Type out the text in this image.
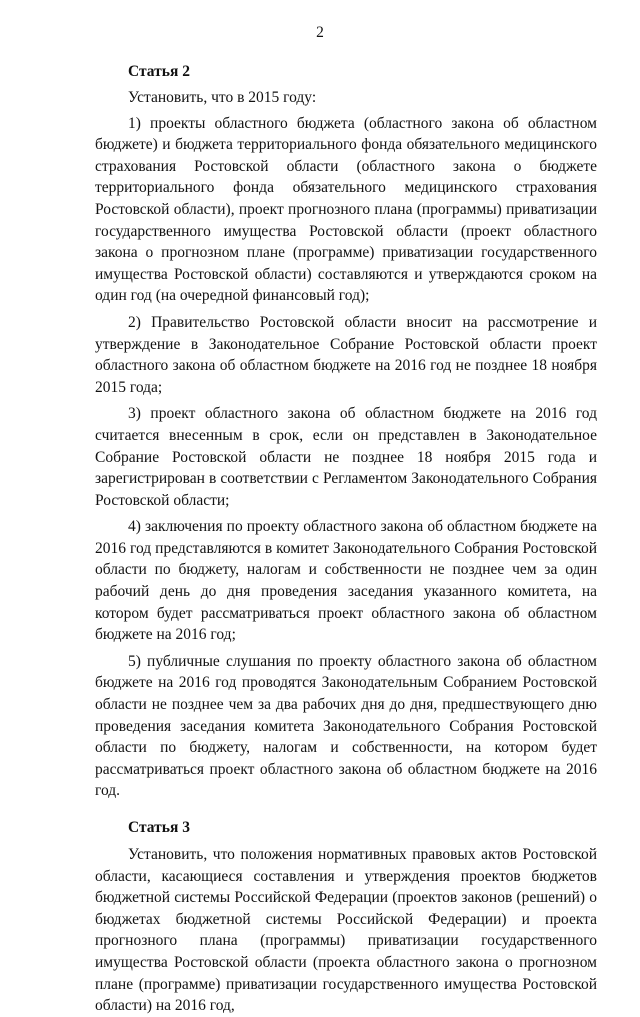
2
Статья 2
Установить, что в 2015 году:
1) проекты областного бюджета (областного закона об областном бюджете) и бюджета территориального фонда обязательного медицинского страхования Ростовской области (областного закона о бюджете территориального фонда обязательного медицинского страхования Ростовской области), проект прогнозного плана (программы) приватизации государственного имущества Ростовской области (проект областного закона о прогнозном плане (программе) приватизации государственного имущества Ростовской области) составляются и утверждаются сроком на один год (на очередной финансовый год);
2) Правительство Ростовской области вносит на рассмотрение и утверждение в Законодательное Собрание Ростовской области проект областного закона об областном бюджете на 2016 год не позднее 18 ноября 2015 года;
3) проект областного закона об областном бюджете на 2016 год считается внесенным в срок, если он представлен в Законодательное Собрание Ростовской области не позднее 18 ноября 2015 года и зарегистрирован в соответствии с Регламентом Законодательного Собрания Ростовской области;
4) заключения по проекту областного закона об областном бюджете на 2016 год представляются в комитет Законодательного Собрания Ростовской области по бюджету, налогам и собственности не позднее чем за один рабочий день до дня проведения заседания указанного комитета, на котором будет рассматриваться проект областного закона об областном бюджете на 2016 год;
5) публичные слушания по проекту областного закона об областном бюджете на 2016 год проводятся Законодательным Собранием Ростовской области не позднее чем за два рабочих дня до дня, предшествующего дню проведения заседания комитета Законодательного Собрания Ростовской области по бюджету, налогам и собственности, на котором будет рассматриваться проект областного закона об областном бюджете на 2016 год.
Статья 3
Установить, что положения нормативных правовых актов Ростовской области, касающиеся составления и утверждения проектов бюджетов бюджетной системы Российской Федерации (проектов законов (решений) о бюджетах бюджетной системы Российской Федерации) и проекта прогнозного плана (программы) приватизации государственного имущества Ростовской области (проекта областного закона о прогнозном плане (программе) приватизации государственного имущества Ростовской области) на 2016 год,
